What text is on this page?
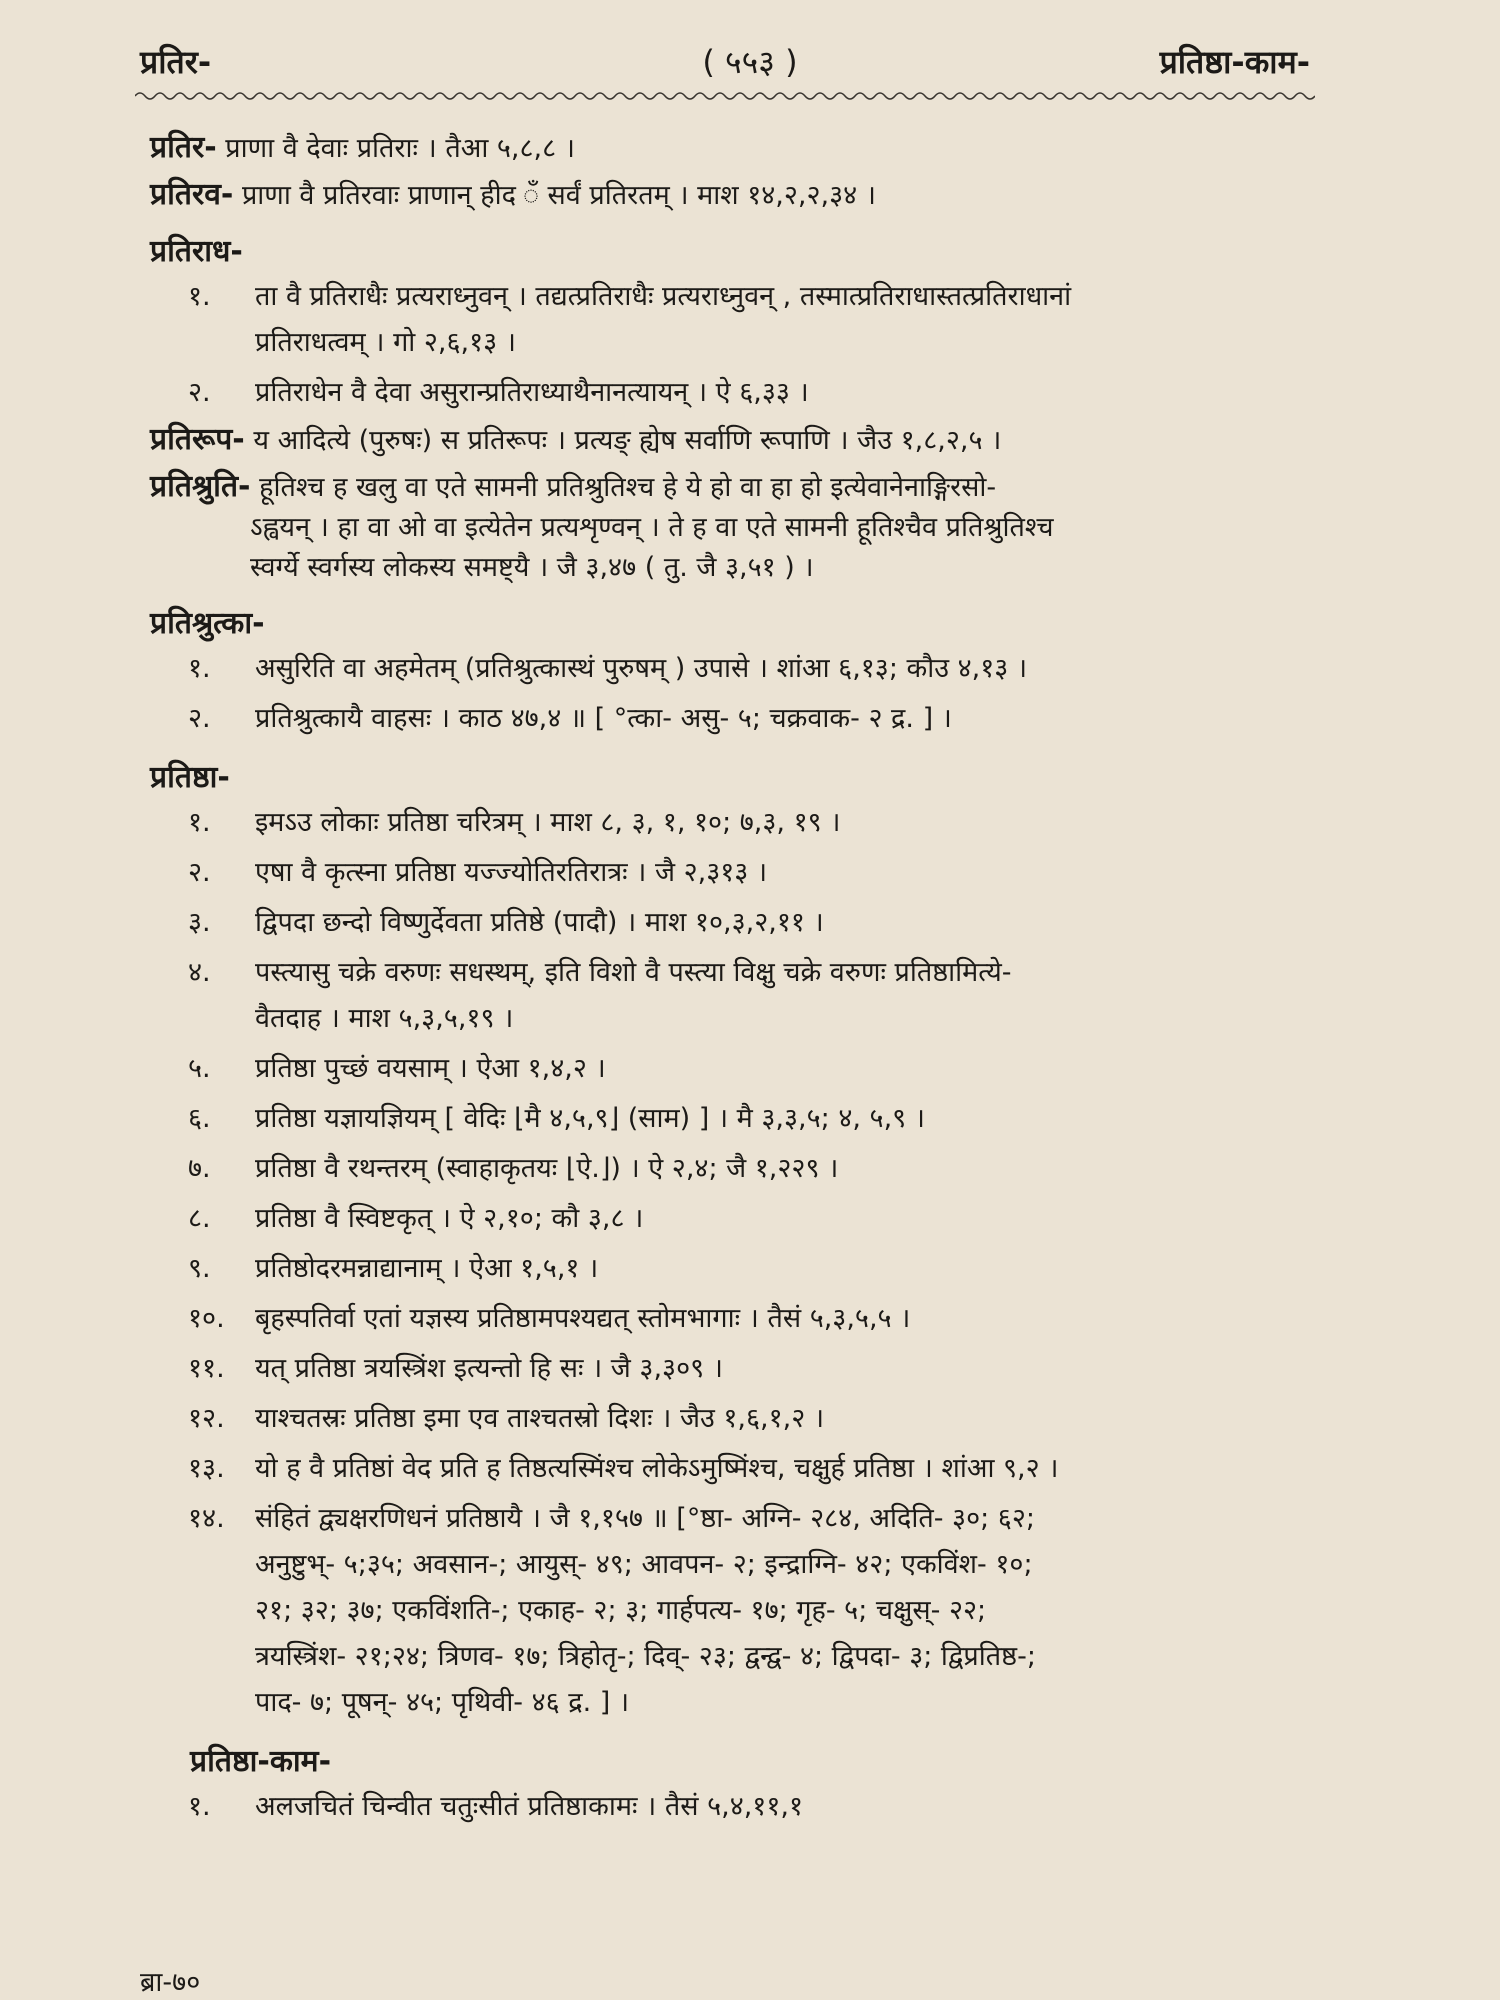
( ५५३ )
प्रतिर-	प्रतिष्ठा-काम-
प्रतिर- प्राणा वै देवाः प्रतिराः । तैआ ५,८,८ ।
प्रतिरव- प्राणा वै प्रतिरवाः प्राणान् हीद ँ सर्वं प्रतिरतम् । माश १४,२,२,३४ ।
प्रतिराध-
१. ता वै प्रतिराधैः प्रत्यराध्नुवन् । तद्यत्प्रतिराधैः प्रत्यराध्नुवन् , तस्मात्प्रतिराधास्तत्प्रतिराधानां
प्रतिराधत्वम् । गो २,६,१३ ।
२. प्रतिराधेन वै देवा असुरान्प्रतिराध्याथैनानत्यायन् । ऐ ६,३३ ।
प्रतिरूप- य आदित्ये (पुरुषः) स प्रतिरूपः । प्रत्यङ् ह्येष सर्वाणि रूपाणि । जैउ १,८,२,५ ।
प्रतिश्रुति- हूतिश्च ह खलु वा एते सामनी प्रतिश्रुतिश्च हे ये हो वा हा हो इत्येवानेनाङ्गिरसो-
ऽह्वयन् । हा वा ओ वा इत्येतेन प्रत्यशृण्वन् । ते ह वा एते सामनी हूतिश्चैव प्रतिश्रुतिश्च
स्वर्ग्ये स्वर्गस्य लोकस्य समष्ट्यै । जै ३,४७ ( तु. जै ३,५१ ) ।
प्रतिश्रुत्का-
१. असुरिति वा अहमेतम् (प्रतिश्रुत्कास्थं पुरुषम् ) उपासे । शांआ ६,१३; कौउ ४,१३ ।
२. प्रतिश्रुत्कायै वाहसः । काठ ४७,४ ॥ [ °त्का- असु- ५; चक्रवाक- २ द्र. ] ।
प्रतिष्ठा-
१. इमऽउ लोकाः प्रतिष्ठा चरित्रम् । माश ८, ३, १, १०; ७,३, १९ ।
२. एषा वै कृत्स्ना प्रतिष्ठा यज्ज्योतिरतिरात्रः । जै २,३१३ ।
३. द्विपदा छन्दो विष्णुर्देवता प्रतिष्ठे (पादौ) । माश १०,३,२,११ ।
४. पस्त्यासु चक्रे वरुणः सधस्थम्, इति विशो वै पस्त्या विक्षु चक्रे वरुणः प्रतिष्ठामित्ये-
वैतदाह । माश ५,३,५,१९ ।
५. प्रतिष्ठा पुच्छं वयसाम् । ऐआ १,४,२ ।
६. प्रतिष्ठा यज्ञायज्ञियम् [ वेदिः ⌊मै ४,५,९⌋ (साम) ] । मै ३,३,५; ४, ५,९ ।
७. प्रतिष्ठा वै रथन्तरम् (स्वाहाकृतयः ⌊ऐ.⌋) । ऐ २,४; जै १,२२९ ।
८. प्रतिष्ठा वै स्विष्टकृत् । ऐ २,१०; कौ ३,८ ।
९. प्रतिष्ठोदरमन्नाद्यानाम् । ऐआ १,५,१ ।
१०. बृहस्पतिर्वा एतां यज्ञस्य प्रतिष्ठामपश्यद्यत् स्तोमभागाः । तैसं ५,३,५,५ ।
११. यत् प्रतिष्ठा त्रयस्त्रिंश इत्यन्तो हि सः । जै ३,३०९ ।
१२. याश्चतस्रः प्रतिष्ठा इमा एव ताश्चतस्रो दिशः । जैउ १,६,१,२ ।
१३. यो ह वै प्रतिष्ठां वेद प्रति ह तिष्ठत्यस्मिंश्च लोकेऽमुष्मिंश्च, चक्षुर्ह प्रतिष्ठा । शांआ ९,२ ।
१४. संहितं द्व्यक्षरणिधनं प्रतिष्ठायै । जै १,१५७ ॥ [°ष्ठा- अग्नि- २८४, अदिति- ३०; ६२;
अनुष्टुभ्- ५;३५; अवसान-; आयुस्- ४९; आवपन- २; इन्द्राग्नि- ४२; एकविंश- १०;
२१; ३२; ३७; एकविंशति-; एकाह- २; ३; गार्हपत्य- १७; गृह- ५; चक्षुस्- २२;
त्रयस्त्रिंश- २१;२४; त्रिणव- १७; त्रिहोतृ-; दिव्- २३; द्वन्द्व- ४; द्विपदा- ३; द्विप्रतिष्ठ-;
पाद- ७; पूषन्- ४५; पृथिवी- ४६ द्र. ] ।
प्रतिष्ठा-काम-
१. अलजचितं चिन्वीत चतुःसीतं प्रतिष्ठाकामः । तैसं ५,४,११,१
ब्रा-७०
